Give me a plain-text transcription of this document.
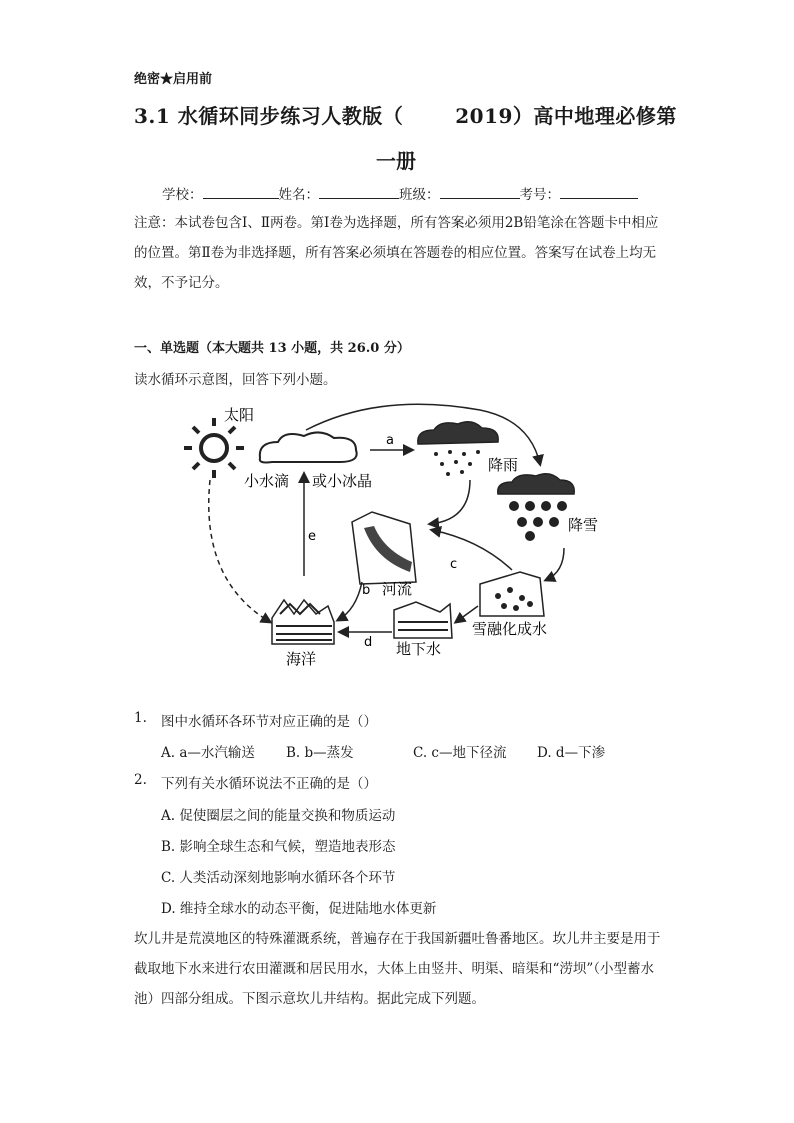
绝密★启用前
3.1 水循环同步练习人教版（	2019）高中地理必修第
一册
学校：	姓名：	班级：	考号：
注意：本试卷包含Ⅰ、Ⅱ两卷。第Ⅰ卷为选择题，所有答案必须用2B铅笔涂在答题卡中相应的位置。第Ⅱ卷为非选择题，所有答案必须填在答题卷的相应位置。答案写在试卷上均无效，不予记分。
一、单选题（本大题共 13 小题，共 26.0 分）
读水循环示意图，回答下列小题。
太阳
小水滴 或小冰晶
a
降雨
降雪
河流
雪融化成水
c
地下水
海洋
e
b
d
1. 图中水循环各环节对应正确的是（）
A. a—水汽输送 B. b—蒸发	C. c—地下径流 D. d—下渗
2. 下列有关水循环说法不正确的是（）
A. 促使圈层之间的能量交换和物质运动
B. 影响全球生态和气候，塑造地表形态
C. 人类活动深刻地影响水循环各个环节
D. 维持全球水的动态平衡，促进陆地水体更新
坎儿井是荒漠地区的特殊灌溉系统，普遍存在于我国新疆吐鲁番地区。坎儿井主要是用于截取地下水来进行农田灌溉和居民用水，大体上由竖井、明渠、暗渠和“涝坝”（小型蓄水池）四部分组成。下图示意坎儿井结构。据此完成下列题。
